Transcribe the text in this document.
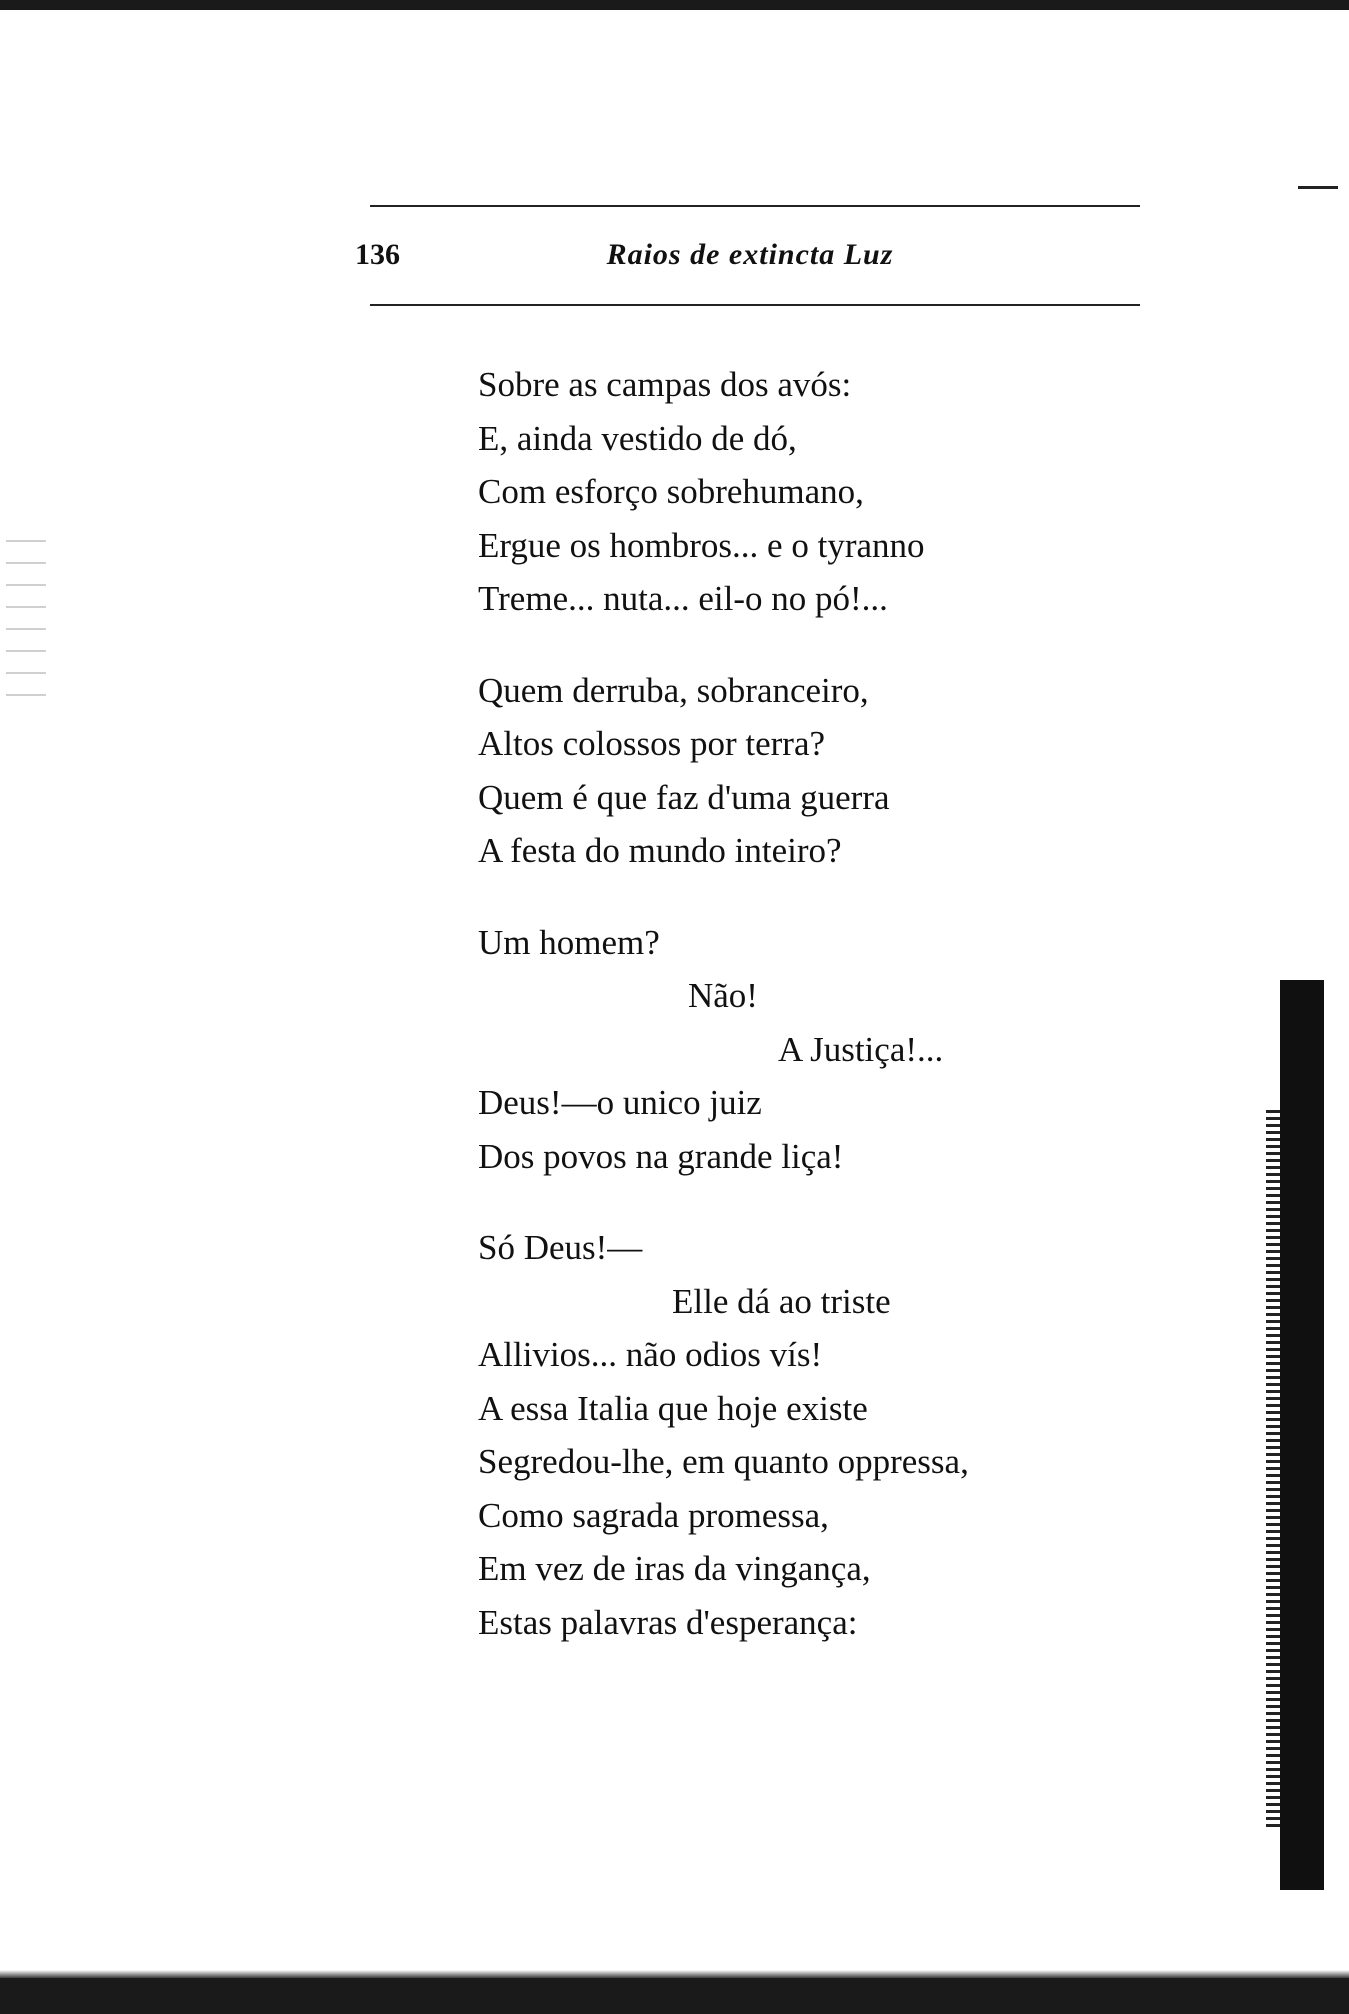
136	Raios de extincta Luz
Sobre as campas dos avós:
E, ainda vestido de dó,
Com esforço sobrehumano,
Ergue os hombros... e o tyranno
Treme... nuta... eil-o no pó!...
Quem derruba, sobranceiro,
Altos colossos por terra?
Quem é que faz d'uma guerra
A festa do mundo inteiro?
Um homem?
Não!
A Justiça!...
Deus!—o unico juiz
Dos povos na grande liça!
Só Deus!—
Elle dá ao triste
Allivios... não odios vís!
A essa Italia que hoje existe
Segredou-lhe, em quanto oppressa,
Como sagrada promessa,
Em vez de iras da vingança,
Estas palavras d'esperança:
